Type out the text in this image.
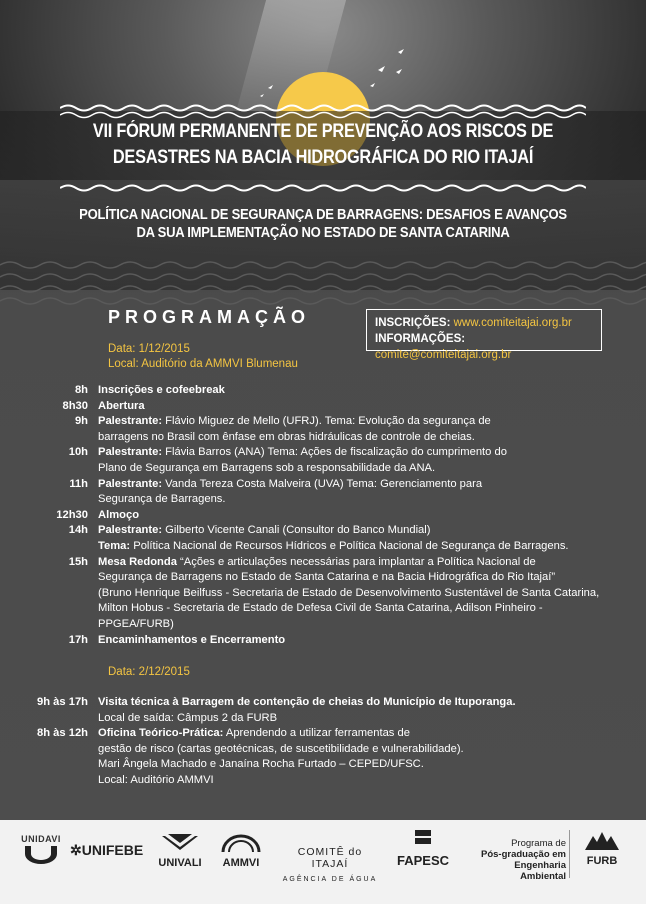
VII FÓRUM PERMANENTE DE PREVENÇÃO AOS RISCOS DE
DESASTRES NA BACIA HIDROGRÁFICA DO RIO ITAJAÍ
POLÍTICA NACIONAL DE SEGURANÇA DE BARRAGENS: DESAFIOS E AVANÇOS
DA SUA IMPLEMENTAÇÃO NO ESTADO DE SANTA CATARINA
PROGRAMAÇÃO	INSCRIÇÕES: www.comiteitajai.org.br
INFORMAÇÕES: comite@comiteitajai.org.br
Data: 1/12/2015
Local: Auditório da AMMVI Blumenau
8h Inscrições e cofeebreak
8h30 Abertura
9h Palestrante: Flávio Miguez de Mello (UFRJ). Tema: Evolução da segurança de
barragens no Brasil com ênfase em obras hidráulicas de controle de cheias.
10h Palestrante: Flávia Barros (ANA) Tema: Ações de fiscalização do cumprimento do
Plano de Segurança em Barragens sob a responsabilidade da ANA.
11h Palestrante: Vanda Tereza Costa Malveira (UVA) Tema: Gerenciamento para
Segurança de Barragens.
12h30 Almoço
14h Palestrante: Gilberto Vicente Canali (Consultor do Banco Mundial)
Tema: Política Nacional de Recursos Hídricos e Política Nacional de Segurança de Barragens.
15h Mesa Redonda “Ações e articulações necessárias para implantar a Política Nacional de
Segurança de Barragens no Estado de Santa Catarina e na Bacia Hidrográfica do Rio Itajaí”
(Bruno Henrique Beilfuss - Secretaria de Estado de Desenvolvimento Sustentável de Santa Catarina,
Milton Hobus - Secretaria de Estado de Defesa Civil de Santa Catarina, Adilson Pinheiro - PPGEA/FURB)
17h Encaminhamentos e Encerramento
Data: 2/12/2015
9h às 17h Visita técnica à Barragem de contenção de cheias do Município de Ituporanga.
Local de saída: Câmpus 2 da FURB
8h às 12h Oficina Teórico-Prática: Aprendendo a utilizar ferramentas de
gestão de risco (cartas geotécnicas, de suscetibilidade e vulnerabilidade).
Mari Ângela Machado e Janaína Rocha Furtado – CEPED/UFSC.
Local: Auditório AMMVI
UNIDAVI
✲UNIFEBE
UNIVALI	AMMVI
COMITÊ do ITAJAÍ
AGÊNCIA DE ÁGUA
FAPESC
Programa de
Pós-graduação em
Engenharia Ambiental
FURB
